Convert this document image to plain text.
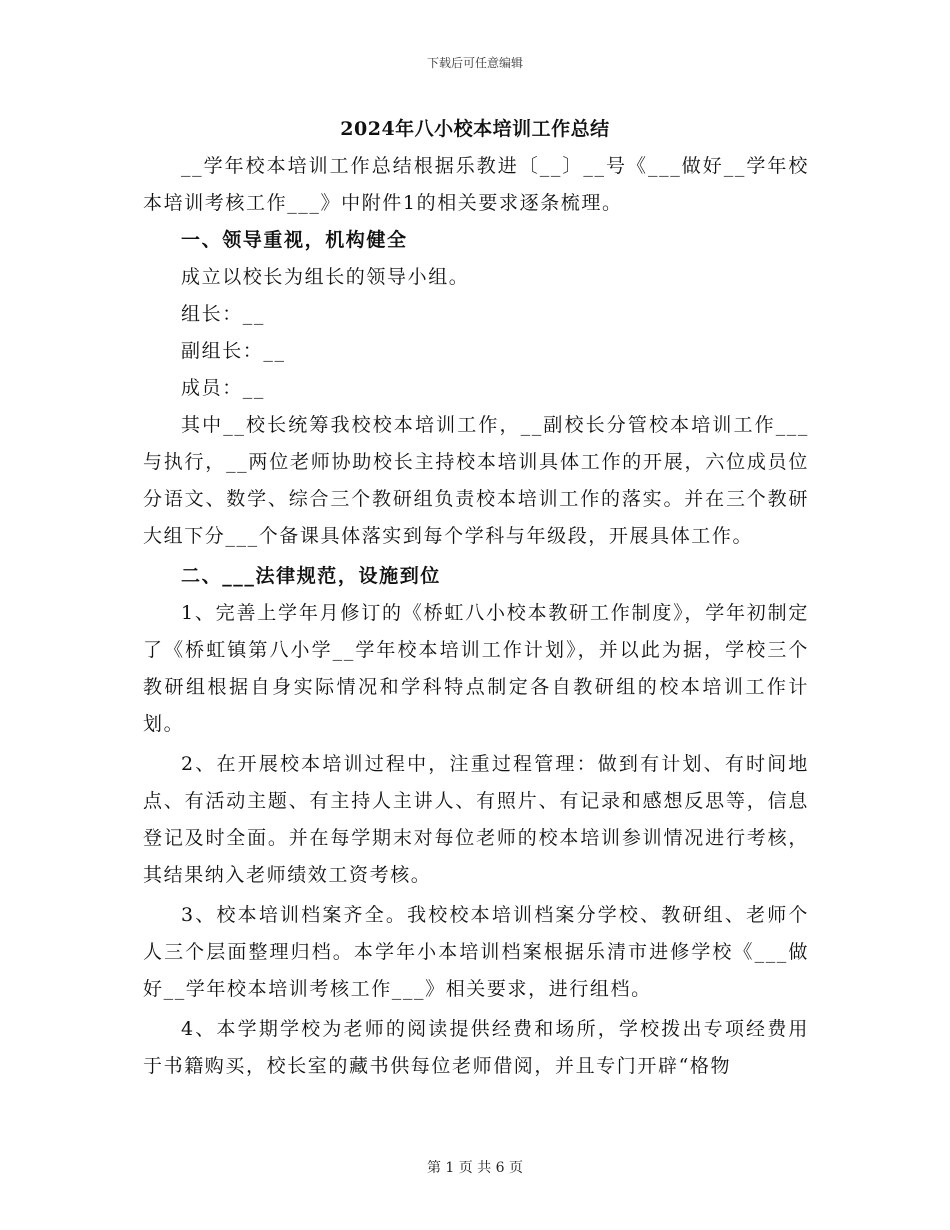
下载后可任意编辑
2024年八小校本培训工作总结

__学年校本培训工作总结根据乐教进〔__〕__号《___做好__学年校本培训考核工作___》中附件1的相关要求逐条梳理。

一、领导重视，机构健全

成立以校长为组长的领导小组。

组长：__

副组长：__

成员：__

其中__校长统筹我校校本培训工作，__副校长分管校本培训工作___与执行，__两位老师协助校长主持校本培训具体工作的开展，六位成员位分语文、数学、综合三个教研组负责校本培训工作的落实。并在三个教研大组下分___个备课具体落实到每个学科与年级段，开展具体工作。

二、___法律规范，设施到位

1、完善上学年月修订的《桥虹八小校本教研工作制度》，学年初制定了《桥虹镇第八小学__学年校本培训工作计划》，并以此为据，学校三个教研组根据自身实际情况和学科特点制定各自教研组的校本培训工作计划。

2、在开展校本培训过程中，注重过程管理：做到有计划、有时间地点、有活动主题、有主持人主讲人、有照片、有记录和感想反思等，信息登记及时全面。并在每学期末对每位老师的校本培训参训情况进行考核，其结果纳入老师绩效工资考核。

3、校本培训档案齐全。我校校本培训档案分学校、教研组、老师个人三个层面整理归档。本学年小本培训档案根据乐清市进修学校《___做好__学年校本培训考核工作___》相关要求，进行组档。

4、本学期学校为老师的阅读提供经费和场所，学校拨出专项经费用于书籍购买，校长室的藏书供每位老师借阅，并且专门开辟“格物

第 1 页 共 6 页
